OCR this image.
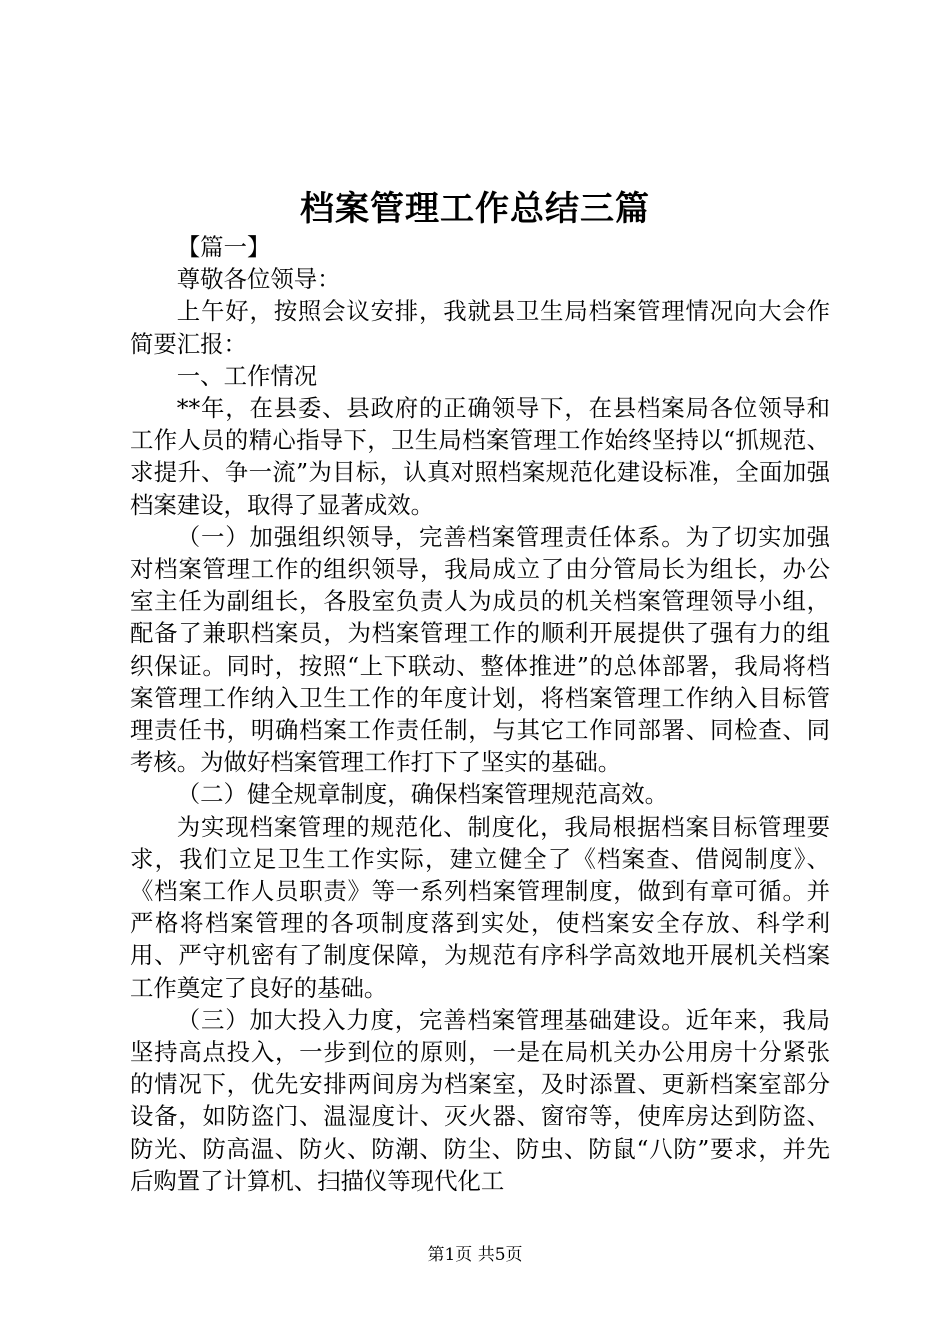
档案管理工作总结三篇

【篇一】

尊敬各位领导：

上午好，按照会议安排，我就县卫生局档案管理情况向大会作简要汇报：

一、工作情况

**年，在县委、县政府的正确领导下，在县档案局各位领导和工作人员的精心指导下，卫生局档案管理工作始终坚持以“抓规范、求提升、争一流”为目标，认真对照档案规范化建设标准，全面加强档案建设，取得了显著成效。

（一）加强组织领导，完善档案管理责任体系。为了切实加强对档案管理工作的组织领导，我局成立了由分管局长为组长，办公室主任为副组长，各股室负责人为成员的机关档案管理领导小组，配备了兼职档案员，为档案管理工作的顺利开展提供了强有力的组织保证。同时，按照“上下联动、整体推进”的总体部署，我局将档案管理工作纳入卫生工作的年度计划，将档案管理工作纳入目标管理责任书，明确档案工作责任制，与其它工作同部署、同检查、同考核。为做好档案管理工作打下了坚实的基础。

（二）健全规章制度，确保档案管理规范高效。

为实现档案管理的规范化、制度化，我局根据档案目标管理要求，我们立足卫生工作实际，建立健全了《档案查、借阅制度》、《档案工作人员职责》等一系列档案管理制度，做到有章可循。并严格将档案管理的各项制度落到实处，使档案安全存放、科学利用、严守机密有了制度保障，为规范有序科学高效地开展机关档案工作奠定了良好的基础。

（三）加大投入力度，完善档案管理基础建设。近年来，我局坚持高点投入，一步到位的原则，一是在局机关办公用房十分紧张的情况下，优先安排两间房为档案室，及时添置、更新档案室部分设备，如防盗门、温湿度计、灭火器、窗帘等，使库房达到防盗、防光、防高温、防火、防潮、防尘、防虫、防鼠“八防”要求，并先后购置了计算机、扫描仪等现代化工

第1页 共5页
